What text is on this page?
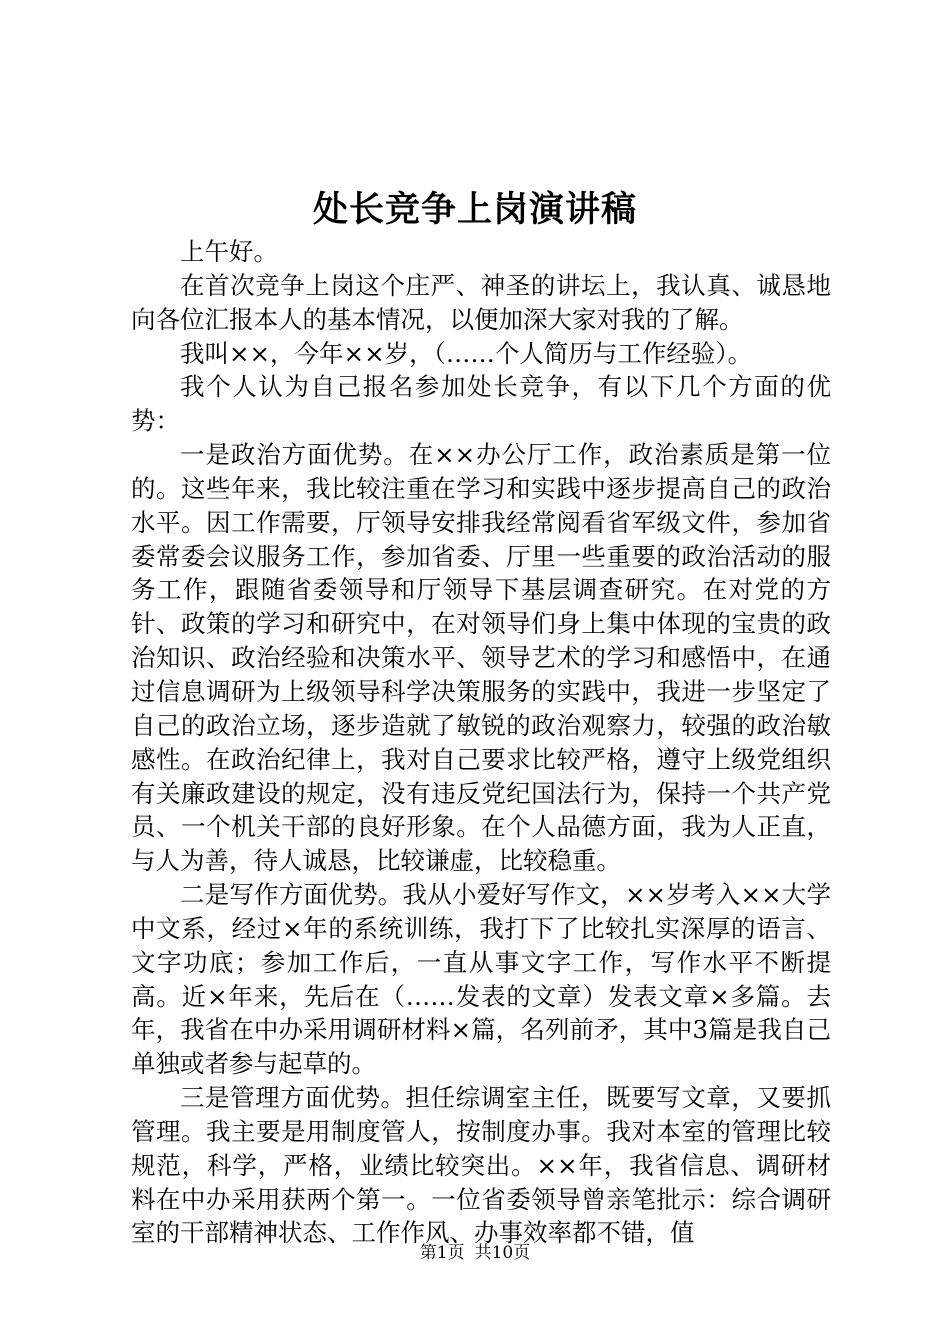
处长竞争上岗演讲稿

上午好。

在首次竞争上岗这个庄严、神圣的讲坛上，我认真、诚恳地向各位汇报本人的基本情况，以便加深大家对我的了解。

我叫××，今年××岁，（……个人简历与工作经验）。

我个人认为自己报名参加处长竞争，有以下几个方面的优势：

一是政治方面优势。在××办公厅工作，政治素质是第一位的。这些年来，我比较注重在学习和实践中逐步提高自己的政治水平。因工作需要，厅领导安排我经常阅看省军级文件，参加省委常委会议服务工作，参加省委、厅里一些重要的政治活动的服务工作，跟随省委领导和厅领导下基层调查研究。在对党的方针、政策的学习和研究中，在对领导们身上集中体现的宝贵的政治知识、政治经验和决策水平、领导艺术的学习和感悟中，在通过信息调研为上级领导科学决策服务的实践中，我进一步坚定了自己的政治立场，逐步造就了敏锐的政治观察力，较强的政治敏感性。在政治纪律上，我对自己要求比较严格，遵守上级党组织有关廉政建设的规定，没有违反党纪国法行为，保持一个共产党员、一个机关干部的良好形象。在个人品德方面，我为人正直，与人为善，待人诚恳，比较谦虚，比较稳重。

二是写作方面优势。我从小爱好写作文，××岁考入××大学中文系，经过×年的系统训练，我打下了比较扎实深厚的语言、文字功底；参加工作后，一直从事文字工作，写作水平不断提高。近×年来，先后在（……发表的文章）发表文章×多篇。去年，我省在中办采用调研材料×篇，名列前矛，其中3篇是我自己单独或者参与起草的。

三是管理方面优势。担任综调室主任，既要写文章，又要抓管理。我主要是用制度管人，按制度办事。我对本室的管理比较规范，科学，严格，业绩比较突出。××年，我省信息、调研材料在中办采用获两个第一。一位省委领导曾亲笔批示：综合调研室的干部精神状态、工作作风、办事效率都不错，值

第1页 共10页
